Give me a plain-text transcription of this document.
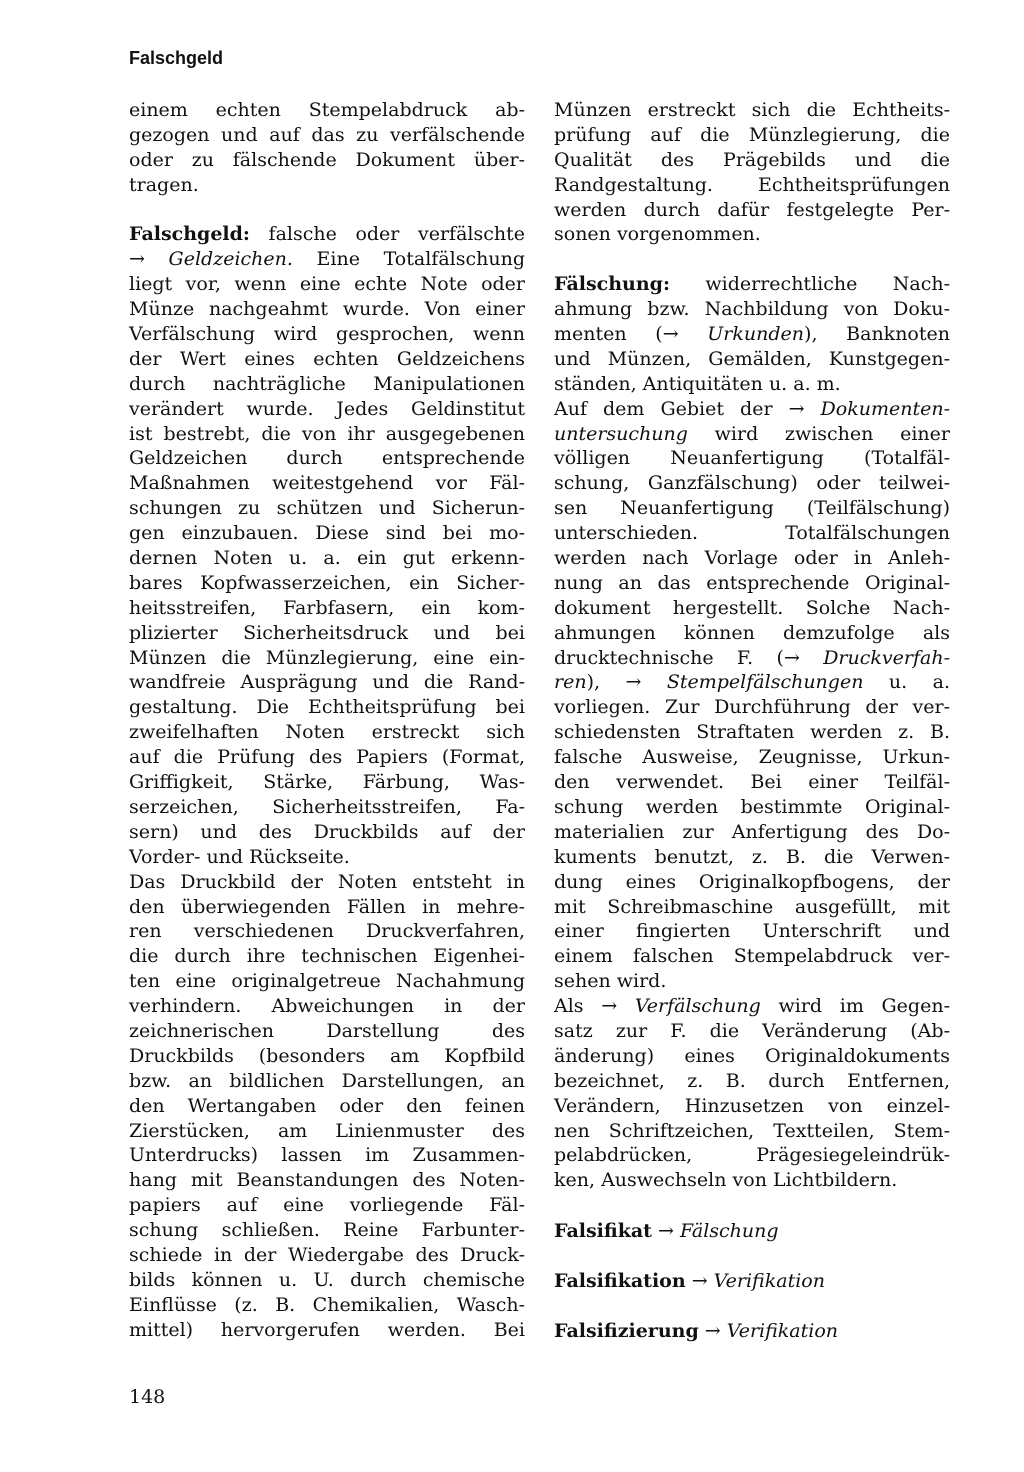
Falschgeld
einem echten Stempelabdruck ab-
gezogen und auf das zu verfälschende
oder zu fälschende Dokument über-
tragen.
Falschgeld: falsche oder verfälschte
→ Geldzeichen. Eine Totalfälschung
liegt vor, wenn eine echte Note oder
Münze nachgeahmt wurde. Von einer
Verfälschung wird gesprochen, wenn
der Wert eines echten Geldzeichens
durch nachträgliche Manipulationen
verändert wurde. Jedes Geldinstitut
ist bestrebt, die von ihr ausgegebenen
Geldzeichen durch entsprechende
Maßnahmen weitestgehend vor Fäl-
schungen zu schützen und Sicherun-
gen einzubauen. Diese sind bei mo-
dernen Noten u. a. ein gut erkenn-
bares Kopfwasserzeichen, ein Sicher-
heitsstreifen, Farbfasern, ein kom-
plizierter Sicherheitsdruck und bei
Münzen die Münzlegierung, eine ein-
wandfreie Ausprägung und die Rand-
gestaltung. Die Echtheitsprüfung bei
zweifelhaften Noten erstreckt sich
auf die Prüfung des Papiers (Format,
Griffigkeit, Stärke, Färbung, Was-
serzeichen, Sicherheitsstreifen, Fa-
sern) und des Druckbilds auf der
Vorder- und Rückseite.
Das Druckbild der Noten entsteht in
den überwiegenden Fällen in mehre-
ren verschiedenen Druckverfahren,
die durch ihre technischen Eigenhei-
ten eine originalgetreue Nachahmung
verhindern. Abweichungen in der
zeichnerischen Darstellung des
Druckbilds (besonders am Kopfbild
bzw. an bildlichen Darstellungen, an
den Wertangaben oder den feinen
Zierstücken, am Linienmuster des
Unterdrucks) lassen im Zusammen-
hang mit Beanstandungen des Noten-
papiers auf eine vorliegende Fäl-
schung schließen. Reine Farbunter-
schiede in der Wiedergabe des Druck-
bilds können u. U. durch chemische
Einflüsse (z. B. Chemikalien, Wasch-
mittel) hervorgerufen werden. Bei
Münzen erstreckt sich die Echtheits-
prüfung auf die Münzlegierung, die
Qualität des Prägebilds und die
Randgestaltung. Echtheitsprüfungen
werden durch dafür festgelegte Per-
sonen vorgenommen.
Fälschung: widerrechtliche Nach-
ahmung bzw. Nachbildung von Doku-
menten (→ Urkunden), Banknoten
und Münzen, Gemälden, Kunstgegen-
ständen, Antiquitäten u. a. m.
Auf dem Gebiet der → Dokumenten-
untersuchung wird zwischen einer
völligen Neuanfertigung (Totalfäl-
schung, Ganzfälschung) oder teilwei-
sen Neuanfertigung (Teilfälschung)
unterschieden. Totalfälschungen
werden nach Vorlage oder in Anleh-
nung an das entsprechende Original-
dokument hergestellt. Solche Nach-
ahmungen können demzufolge als
drucktechnische F. (→ Druckverfah-
ren), → Stempelfälschungen u. a.
vorliegen. Zur Durchführung der ver-
schiedensten Straftaten werden z. B.
falsche Ausweise, Zeugnisse, Urkun-
den verwendet. Bei einer Teilfäl-
schung werden bestimmte Original-
materialien zur Anfertigung des Do-
kuments benutzt, z. B. die Verwen-
dung eines Originalkopfbogens, der
mit Schreibmaschine ausgefüllt, mit
einer fingierten Unterschrift und
einem falschen Stempelabdruck ver-
sehen wird.
Als → Verfälschung wird im Gegen-
satz zur F. die Veränderung (Ab-
änderung) eines Originaldokuments
bezeichnet, z. B. durch Entfernen,
Verändern, Hinzusetzen von einzel-
nen Schriftzeichen, Textteilen, Stem-
pelabdrücken, Prägesiegeleindrük-
ken, Auswechseln von Lichtbildern.
Falsifikat → Fälschung
Falsifikation → Verifikation
Falsifizierung → Verifikation
148
